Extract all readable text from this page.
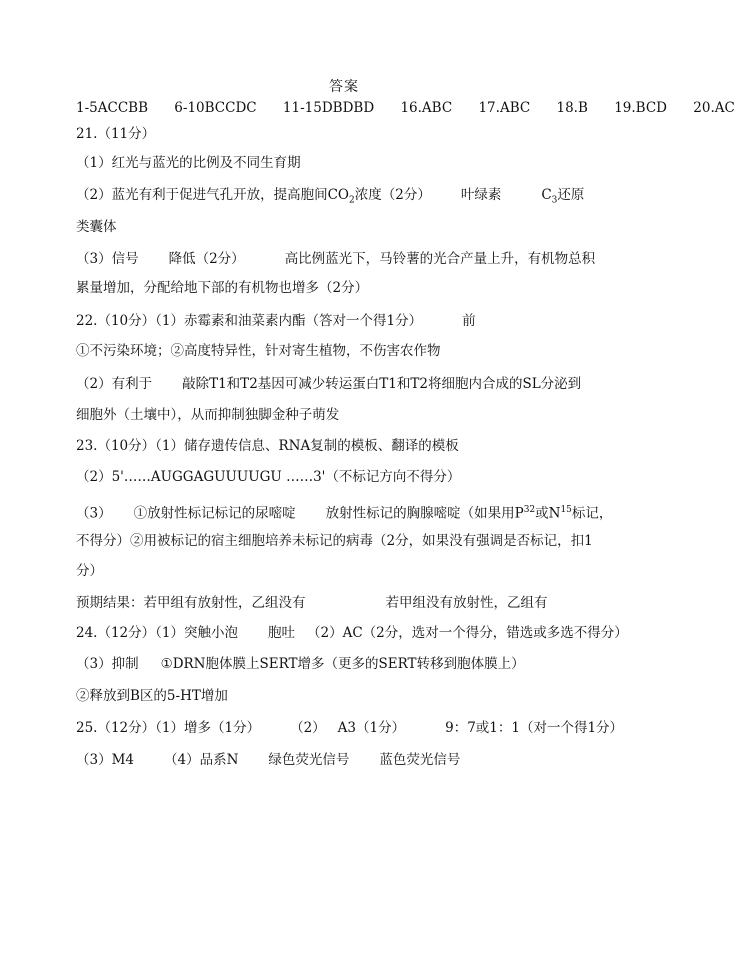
答案
1-5ACCBB 6-10BCCDC 11-15DBDBD 16.ABC 17.ABC 18.B 19.BCD 20.AC
21.（11分）
（1）红光与蓝光的比例及不同生育期
（2）蓝光有利于促进气孔开放，提高胞间$CO_2$浓度（2分） 叶绿素	$C_3$还原
类囊体
（3）信号 降低（2分）	高比例蓝光下，马铃薯的光合产量上升，有机物总积
累量增加，分配给地下部的有机物也增多（2分）
22.（10分）（1）赤霉素和油菜素内酯（答对一个得1分）	前
①不污染环境；②高度特异性，针对寄生植物，不伤害农作物
（2）有利于 敲除T1和T2基因可减少转运蛋白T1和T2将细胞内合成的SL分泌到
细胞外（土壤中），从而抑制独脚金种子萌发
23.（10分）（1）储存遗传信息、RNA复制的模板、翻译的模板
（2）5'……AUGGAGUUUUGU ……3'（不标记方向不得分）
（3） ①放射性标记标记的尿嘧啶 放射性标记的胸腺嘧啶（如果用$P^{32}$或$N^{15}$标记，
不得分）②用被标记的宿主细胞培养未标记的病毒（2分，如果没有强调是否标记，扣1
分）
预期结果：若甲组有放射性，乙组没有	若甲组没有放射性，乙组有
24.（12分）（1）突触小泡 胞吐 （2）AC（2分，选对一个得分，错选或多选不得分）
（3）抑制 ①DRN胞体膜上SERT增多（更多的SERT转移到胞体膜上）
②释放到B区的5-HT增加
25.（12分）（1）增多（1分） （2） A3（1分）	9：7或1：1（对一个得1分）
（3）M4 （4）品系N 绿色荧光信号 蓝色荧光信号
